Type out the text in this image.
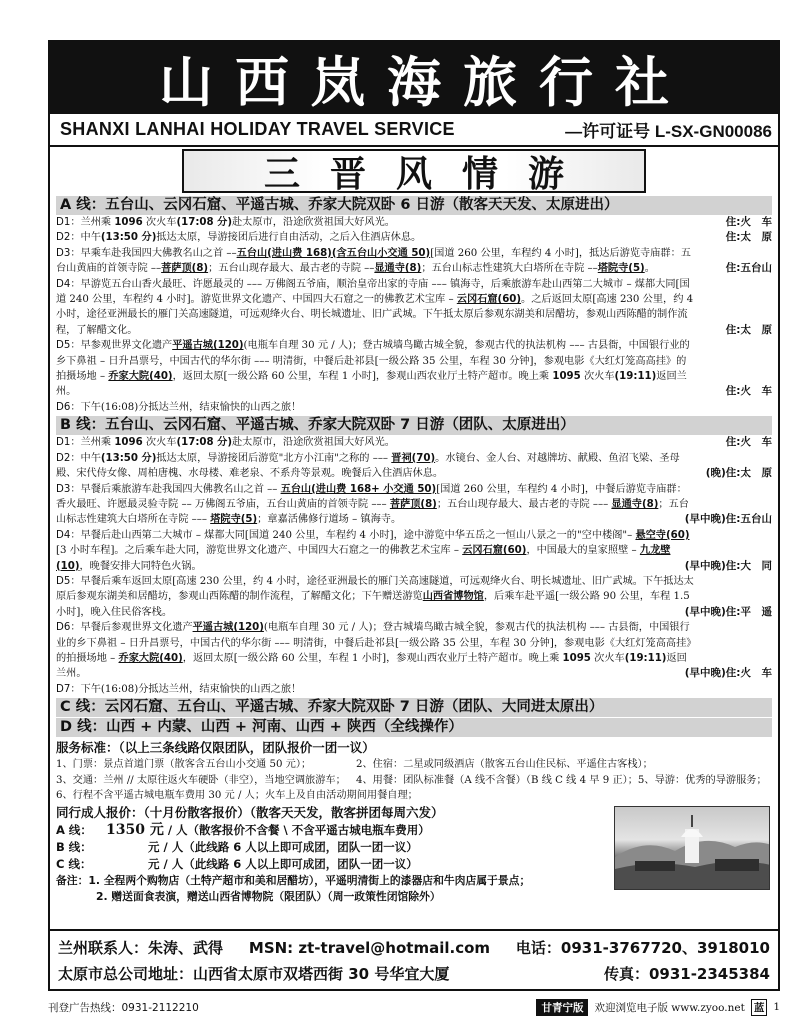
山西岚海旅行社
SHANXI LANHAI HOLIDAY TRAVEL SERVICE	—许可证号 L-SX-GN00086
三晋风情游
A 线：五台山、云冈石窟、平遥古城、乔家大院双卧 6 日游（散客天天发、太原进出）
D1：兰州乘 1096 次火车(17:08 分)赴太原市，沿途欣赏祖国大好风光。	住:火　车
D2：中午(13:50 分)抵达太原，导游接团后进行自由活动，之后入住酒店休息。	住:太　原
D3：早乘车赴我国四大佛教名山之首 ––五台山(进山费 168)(含五台山小交通 50)[国道 260 公里，车程约 4 小时]，抵达后游览寺庙群：五台山黄庙的首领寺院 ––菩萨顶(8)；五台山现存最大、最古老的寺院 ––显通寺(8)；五台山标志性建筑大白塔所在寺院 ––塔院寺(5)。	住:五台山
D4：早游览五台山香火最旺、许愿最灵的 ––– 万佛阁五爷庙，顺治皇帝出家的寺庙 ––– 镇海寺，后乘旅游车赴山西第二大城市 – 煤都大同[国道 240 公里，车程约 4 小时]。游览世界文化遗产、中国四大石窟之一的佛教艺术宝库 – 云冈石窟(60)。之后返回太原[高速 230 公里，约 4 小时，途径亚洲最长的雁门关高速隧道，可远观绛火台、明长城遗址、旧广武城。下午抵太原后参观东湖美和居醋坊，参观山西陈醋的制作流程，了解醋文化。	住:太　原
D5：早参观世界文化遗产平遥古城(120)(电瓶车自理 30 元 / 人)；登古城墙鸟瞰古城全貌，参观古代的执法机构 ––– 古县衙，中国银行业的乡下鼻祖 – 日升昌票号，中国古代的华尔街 ––– 明清街，中餐后赴祁县[一级公路 35 公里，车程 30 分钟]，参观电影《大红灯笼高高挂》的拍摄场地 – 乔家大院(40)，返回太原[一级公路 60 公里，车程 1 小时]，参观山西农业厅土特产超市。晚上乘 1095 次火车(19:11)返回兰州。	住:火　车
D6：下午(16:08)分抵达兰州，结束愉快的山西之旅！
B 线：五台山、云冈石窟、平遥古城、乔家大院双卧 7 日游（团队、太原进出）
D1：兰州乘 1096 次火车(17:08 分)赴太原市，沿途欣赏祖国大好风光。	住:火　车
D2：中午(13:50 分)抵达太原，导游接团后游览"北方小江南"之称的 ––– 晋祠(70)。水镜台、金人台、对越牌坊、献殿、鱼沼飞梁、圣母殿、宋代侍女像、周柏唐槐、水母楼、难老泉、不系舟等景观。晚餐后入住酒店休息。	(晚)住:太　原
D3：早餐后乘旅游车赴我国四大佛教名山之首 –– 五台山(进山费 168+ 小交通 50)[国道 260 公里，车程约 4 小时]，中餐后游览寺庙群：香火最旺、许愿最灵验寺院 –– 万佛阁五爷庙，五台山黄庙的首领寺院 ––– 菩萨顶(8)；五台山现存最大、最古老的寺院 ––– 显通寺(8)；五台山标志性建筑大白塔所在寺院 ––– 塔院寺(5)；章嘉活佛修行道场 – 镇海寺。	(早中晚)住:五台山
D4：早餐后赴山西第二大城市 – 煤都大同[国道 240 公里，车程约 4 小时]，途中游览中华五岳之一恒山八景之一的"空中楼阁"– 悬空寺(60)[3 小时车程]。之后乘车赴大同，游览世界文化遗产、中国四大石窟之一的佛教艺术宝库 – 云冈石窟(60)，中国最大的皇家照壁 – 九龙壁(10)，晚餐安排大同特色火锅。	(早中晚)住:大　同
D5：早餐后乘车返回太原[高速 230 公里，约 4 小时，途径亚洲最长的雁门关高速隧道，可远观绛火台、明长城遗址、旧广武城。下午抵达太原后参观东湖美和居醋坊，参观山西陈醋的制作流程，了解醋文化；下午赠送游览山西省博物馆，后乘车赴平遥[一级公路 90 公里，车程 1.5 小时]，晚入住民俗客栈。	(早中晚)住:平　遥
D6：早餐后参观世界文化遗产平遥古城(120)(电瓶车自理 30 元 / 人)；登古城墙鸟瞰古城全貌，参观古代的执法机构 ––– 古县衙，中国银行业的乡下鼻祖 – 日升昌票号，中国古代的华尔街 ––– 明清街，中餐后赴祁县[一级公路 35 公里，车程 30 分钟]，参观电影《大红灯笼高高挂》的拍摄场地 – 乔家大院(40)，返回太原[一级公路 60 公里，车程 1 小时]，参观山西农业厅土特产超市。晚上乘 1095 次火车(19:11)返回兰州。	(早中晚)住:火　车
D7：下午(16:08)分抵达兰州，结束愉快的山西之旅！
C 线：云冈石窟、五台山、平遥古城、乔家大院双卧 7 日游（团队、大同进太原出）
D 线：山西 + 内蒙、山西 + 河南、山西 + 陕西（全线操作）
服务标准：（以上三条线路仅限团队，团队报价一团一议）
1、门票：景点首道门票（散客含五台山小交通 50 元）；	2、住宿：二星或同级酒店（散客五台山住民标、平遥住古客栈）；
3、交通：兰州 // 太原往返火车硬卧（非空），当地空调旅游车； 4、用餐：团队标准餐（A 线不含餐）（B 线 C 线 4 早 9 正）；5、导游：优秀的导游服务；
6、行程不含平遥古城电瓶车费用 30 元 / 人；火车上及自由活动期间用餐自理；
同行成人报价：（十月份散客报价）（散客天天发，散客拼团每周六发）
A 线： 1350 元 / 人（散客报价不含餐 \ 不含平遥古城电瓶车费用）
B 线：	元 / 人（此线路 6 人以上即可成团，团队一团一议）
C 线：	元 / 人（此线路 6 人以上即可成团，团队一团一议）
备注：1. 全程两个购物店（土特产超市和美和居醋坊），平遥明清街上的漆器店和牛肉店属于景点；
2. 赠送面食表演，赠送山西省博物院（限团队）（周一政策性闭馆除外）
兰州联系人：朱涛、武得 MSN: zt-travel@hotmail.com 电话：0931-3767720、3918010
太原市总公司地址：山西省太原市双塔西街 30 号华宜大厦	传真：0931-2345384
刊登广告热线：0931-2112210	甘青宁版	欢迎浏览电子版 www.zyoo.net 蓝 1
